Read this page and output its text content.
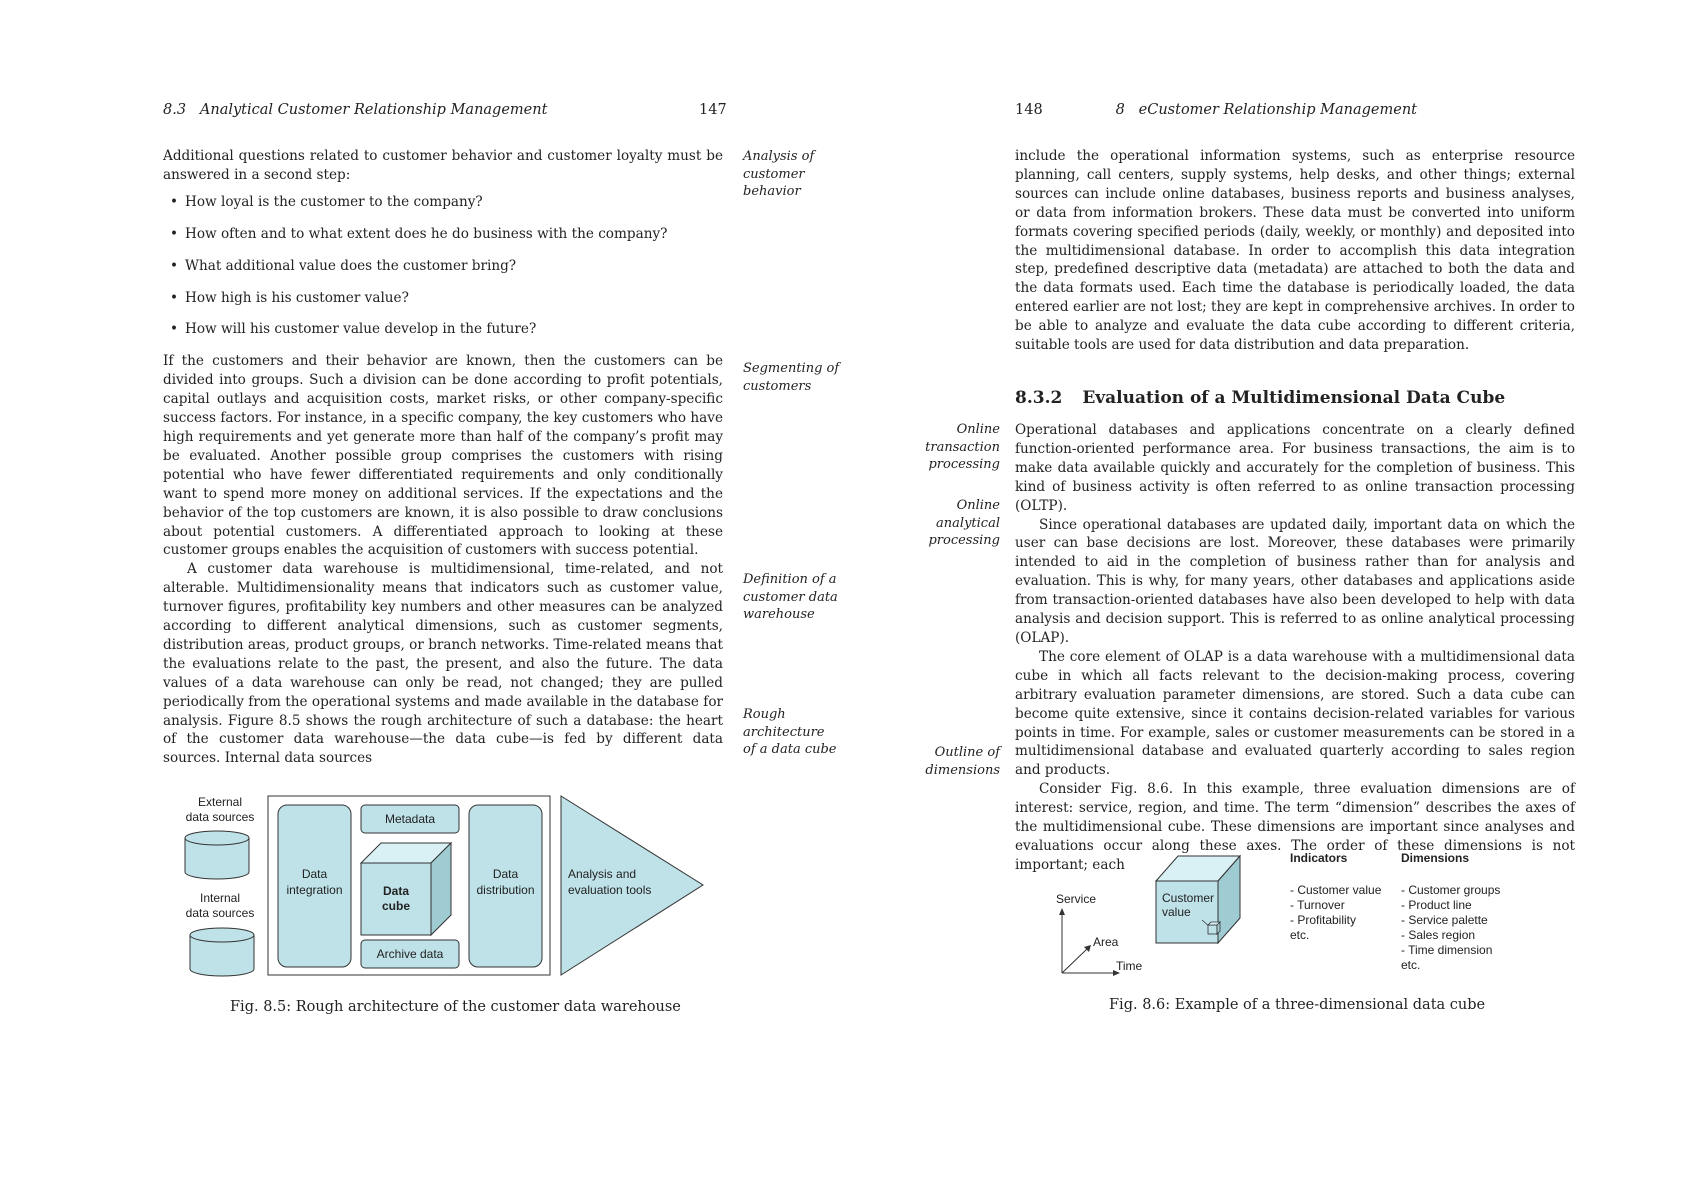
8.3 Analytical Customer Relationship Management	147

Additional questions related to customer behavior and customer loyalty must be answered in a second step:

• How loyal is the customer to the company?
• How often and to what extent does he do business with the company?
• What additional value does the customer bring?
• How high is his customer value?
• How will his customer value develop in the future?

If the customers and their behavior are known, then the customers can be divided into groups. Such a division can be done according to profit potentials, capital outlays and acquisition costs, market risks, or other company-specific success factors. For instance, in a specific company, the key customers who have high requirements and yet generate more than half of the company’s profit may be evaluated. Another possible group comprises the customers with rising potential who have fewer differentiated requirements and only conditionally want to spend more money on additional services. If the expectations and the behavior of the top customers are known, it is also possible to draw conclusions about potential customers. A differentiated approach to looking at these customer groups enables the acquisition of customers with success potential.

A customer data warehouse is multidimensional, time-related, and not alterable. Multidimensionality means that indicators such as customer value, turnover figures, profitability key numbers and other measures can be analyzed according to different analytical dimensions, such as customer segments, distribution areas, product groups, or branch networks. Time-related means that the evaluations relate to the past, the present, and also the future. The data values of a data warehouse can only be read, not changed; they are pulled periodically from the operational systems and made available in the database for analysis. Figure 8.5 shows the rough architecture of such a database: the heart of the customer data warehouse—the data cube—is fed by different data sources. Internal data sources

Analysis of customer behavior
Segmenting of customers
Definition of a customer data warehouse
Rough architecture of a data cube
External
data sources
Internal
data sources
Data
integration
Metadata
Data
cube
Archive data
Data
distribution
Analysis and
evaluation tools
Fig. 8.5: Rough architecture of the customer data warehouse
148	8 eCustomer Relationship Management

include the operational information systems, such as enterprise resource planning, call centers, supply systems, help desks, and other things; external sources can include online databases, business reports and business analyses, or data from information brokers. These data must be converted into uniform formats covering specified periods (daily, weekly, or monthly) and deposited into the multidimensional database. In order to accomplish this data integration step, predefined descriptive data (metadata) are attached to both the data and the data formats used. Each time the database is periodically loaded, the data entered earlier are not lost; they are kept in comprehensive archives. In order to be able to analyze and evaluate the data cube according to different criteria, suitable tools are used for data distribution and data preparation.

8.3.2 Evaluation of a Multidimensional Data Cube

Operational databases and applications concentrate on a clearly defined function-oriented performance area. For business transactions, the aim is to make data available quickly and accurately for the completion of business. This kind of business activity is often referred to as online transaction processing (OLTP).

Since operational databases are updated daily, important data on which the user can base decisions are lost. Moreover, these databases were primarily intended to aid in the completion of business rather than for analysis and evaluation. This is why, for many years, other databases and applications aside from transaction-oriented databases have also been developed to help with data analysis and decision support. This is referred to as online analytical processing (OLAP).

The core element of OLAP is a data warehouse with a multidimensional data cube in which all facts relevant to the decision-making process, covering arbitrary evaluation parameter dimensions, are stored. Such a data cube can become quite extensive, since it contains decision-related variables for various points in time. For example, sales or customer measurements can be stored in a multidimensional database and evaluated quarterly according to sales region and products.

Consider Fig. 8.6. In this example, three evaluation dimensions are of interest: service, region, and time. The term “dimension” describes the axes of the multidimensional cube. These dimensions are important since analyses and evaluations occur along these axes. The order of these dimensions is not important; each

Online transaction processing
Online analytical processing
Outline of dimensions
Service
Area
Time
Customer
value
Indicators
- Customer value
- Turnover
- Profitability
etc.
Dimensions
- Customer groups
- Product line
- Service palette
- Sales region
- Time dimension
etc.
Fig. 8.6: Example of a three-dimensional data cube
